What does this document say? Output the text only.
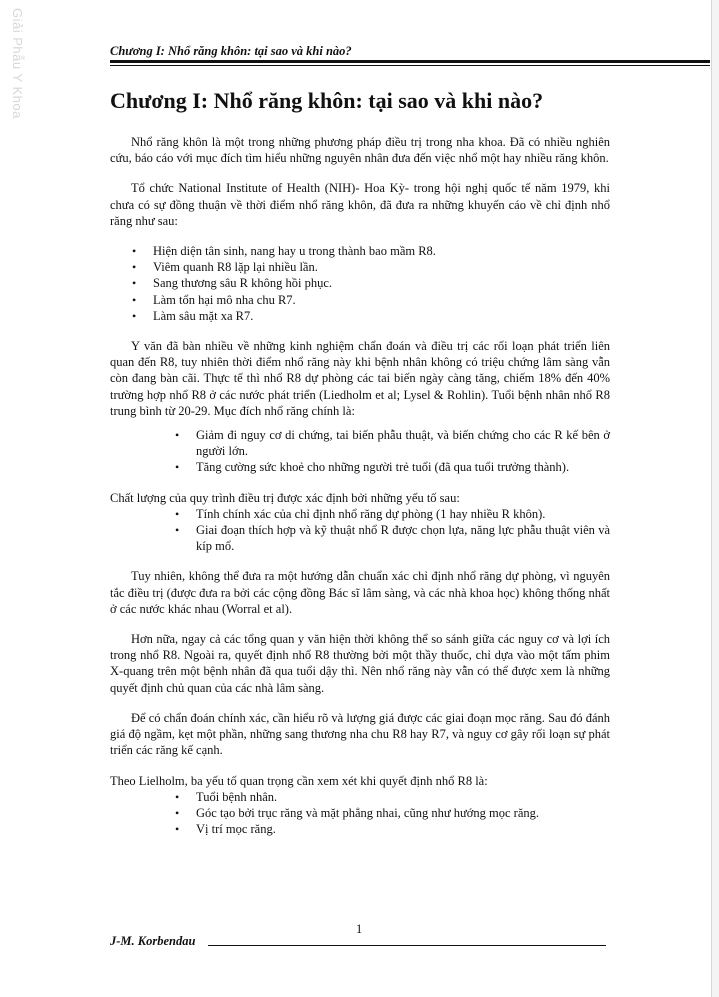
Giải Phẫu Y Khoa	Chương I: Nhổ răng khôn: tại sao và khi nào?
Chương I: Nhổ răng khôn: tại sao và khi nào?

Nhổ răng khôn là một trong những phương pháp điều trị trong nha khoa. Đã có nhiều nghiên cứu, báo cáo với mục đích tìm hiểu những nguyên nhân đưa đến việc nhổ một hay nhiều răng khôn.

Tổ chức National Institute of Health (NIH)- Hoa Kỳ- trong hội nghị quốc tế năm 1979, khi chưa có sự đồng thuận về thời điểm nhổ răng khôn, đã đưa ra những khuyến cáo về chỉ định nhổ răng như sau:

• Hiện diện tân sinh, nang hay u trong thành bao mầm R8.
• Viêm quanh R8 lặp lại nhiều lần.
• Sang thương sâu R không hồi phục.
• Làm tổn hại mô nha chu R7.
• Làm sâu mặt xa R7.

Y văn đã bàn nhiều về những kinh nghiệm chẩn đoán và điều trị các rối loạn phát triển liên quan đến R8, tuy nhiên thời điểm nhổ răng này khi bệnh nhân không có triệu chứng lâm sàng vẫn còn đang bàn cãi. Thực tế thì nhổ R8 dự phòng các tai biến ngày càng tăng, chiếm 18% đến 40% trường hợp nhổ R8 ở các nước phát triển (Liedholm et al; Lysel & Rohlin). Tuổi bệnh nhân nhổ R8 trung bình từ 20-29. Mục đích nhổ răng chính là:

• Giảm đi nguy cơ di chứng, tai biến phẫu thuật, và biến chứng cho các R kế bên ở người lớn.
• Tăng cường sức khoẻ cho những người trẻ tuổi (đã qua tuổi trưởng thành).

Chất lượng của quy trình điều trị được xác định bởi những yếu tố sau:

• Tính chính xác của chỉ định nhổ răng dự phòng (1 hay nhiều R khôn).
• Giai đoạn thích hợp và kỹ thuật nhổ R được chọn lựa, năng lực phẫu thuật viên và kíp mổ.

Tuy nhiên, không thể đưa ra một hướng dẫn chuẩn xác chỉ định nhổ răng dự phòng, vì nguyên tắc điều trị (được đưa ra bởi các cộng đồng Bác sĩ lâm sàng, và các nhà khoa học) không thống nhất ở các nước khác nhau (Worral et al).

Hơn nữa, ngay cả các tổng quan y văn hiện thời không thể so sánh giữa các nguy cơ và lợi ích trong nhổ R8. Ngoài ra, quyết định nhổ R8 thường bởi một thầy thuốc, chỉ dựa vào một tấm phim X-quang trên một bệnh nhân đã qua tuổi dậy thì. Nên nhổ răng này vẫn có thể được xem là những quyết định chủ quan của các nhà lâm sàng.

Để có chẩn đoán chính xác, cần hiểu rõ và lượng giá được các giai đoạn mọc răng. Sau đó đánh giá độ ngầm, kẹt một phần, những sang thương nha chu R8 hay R7, và nguy cơ gây rối loạn sự phát triển các răng kế cạnh.

Theo Lielholm, ba yếu tố quan trọng cần xem xét khi quyết định nhổ R8 là:

• Tuổi bệnh nhân.
• Góc tạo bởi trục răng và mặt phẳng nhai, cũng như hướng mọc răng.
• Vị trí mọc răng.
1
J-M. Korbendau
